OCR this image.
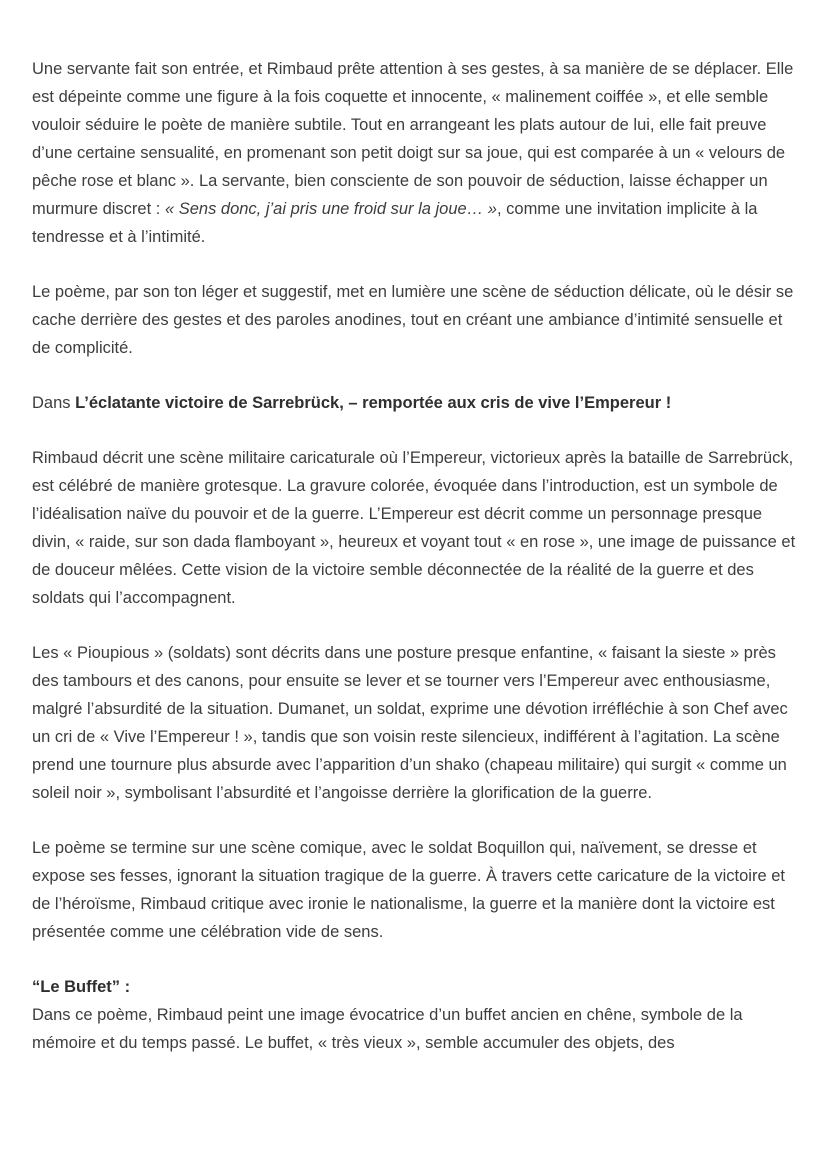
Une servante fait son entrée, et Rimbaud prête attention à ses gestes, à sa manière de se déplacer. Elle est dépeinte comme une figure à la fois coquette et innocente, « malinement coiffée », et elle semble vouloir séduire le poète de manière subtile. Tout en arrangeant les plats autour de lui, elle fait preuve d’une certaine sensualité, en promenant son petit doigt sur sa joue, qui est comparée à un « velours de pêche rose et blanc ». La servante, bien consciente de son pouvoir de séduction, laisse échapper un murmure discret : « Sens donc, j’ai pris une froid sur la joue… », comme une invitation implicite à la tendresse et à l’intimité.

Le poème, par son ton léger et suggestif, met en lumière une scène de séduction délicate, où le désir se cache derrière des gestes et des paroles anodines, tout en créant une ambiance d’intimité sensuelle et de complicité.

Dans L’éclatante victoire de Sarrebrück, – remportée aux cris de vive l’Empereur !

Rimbaud décrit une scène militaire caricaturale où l’Empereur, victorieux après la bataille de Sarrebrück, est célébré de manière grotesque. La gravure colorée, évoquée dans l’introduction, est un symbole de l’idéalisation naïve du pouvoir et de la guerre. L’Empereur est décrit comme un personnage presque divin, « raide, sur son dada flamboyant », heureux et voyant tout « en rose », une image de puissance et de douceur mêlées. Cette vision de la victoire semble déconnectée de la réalité de la guerre et des soldats qui l’accompagnent.

Les « Pioupious » (soldats) sont décrits dans une posture presque enfantine, « faisant la sieste » près des tambours et des canons, pour ensuite se lever et se tourner vers l’Empereur avec enthousiasme, malgré l’absurdité de la situation. Dumanet, un soldat, exprime une dévotion irréfléchie à son Chef avec un cri de « Vive l’Empereur ! », tandis que son voisin reste silencieux, indifférent à l’agitation. La scène prend une tournure plus absurde avec l’apparition d’un shako (chapeau militaire) qui surgit « comme un soleil noir », symbolisant l’absurdité et l’angoisse derrière la glorification de la guerre.

Le poème se termine sur une scène comique, avec le soldat Boquillon qui, naïvement, se dresse et expose ses fesses, ignorant la situation tragique de la guerre. À travers cette caricature de la victoire et de l’héroïsme, Rimbaud critique avec ironie le nationalisme, la guerre et la manière dont la victoire est présentée comme une célébration vide de sens.

“Le Buffet” :

Dans ce poème, Rimbaud peint une image évocatrice d’un buffet ancien en chêne, symbole de la mémoire et du temps passé. Le buffet, « très vieux », semble accumuler des objets, des
